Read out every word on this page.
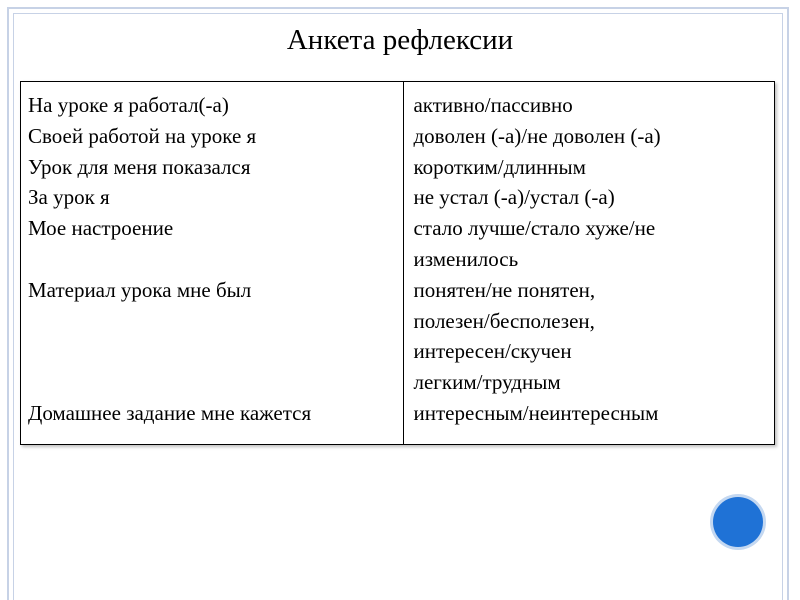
Анкета рефлексии
На уроке я работал(-а)
Своей работой на уроке я
Урок для меня показался
За урок я
Мое настроение
Материал урока мне был
Домашнее задание мне кажется
активно/пассивно
доволен (-а)/не доволен (-а)
коротким/длинным
не устал (-а)/устал (-а)
стало лучше/стало хуже/не
изменилось
понятен/не понятен,
полезен/бесполезен,
интересен/скучен
легким/трудным
интересным/неинтересным
